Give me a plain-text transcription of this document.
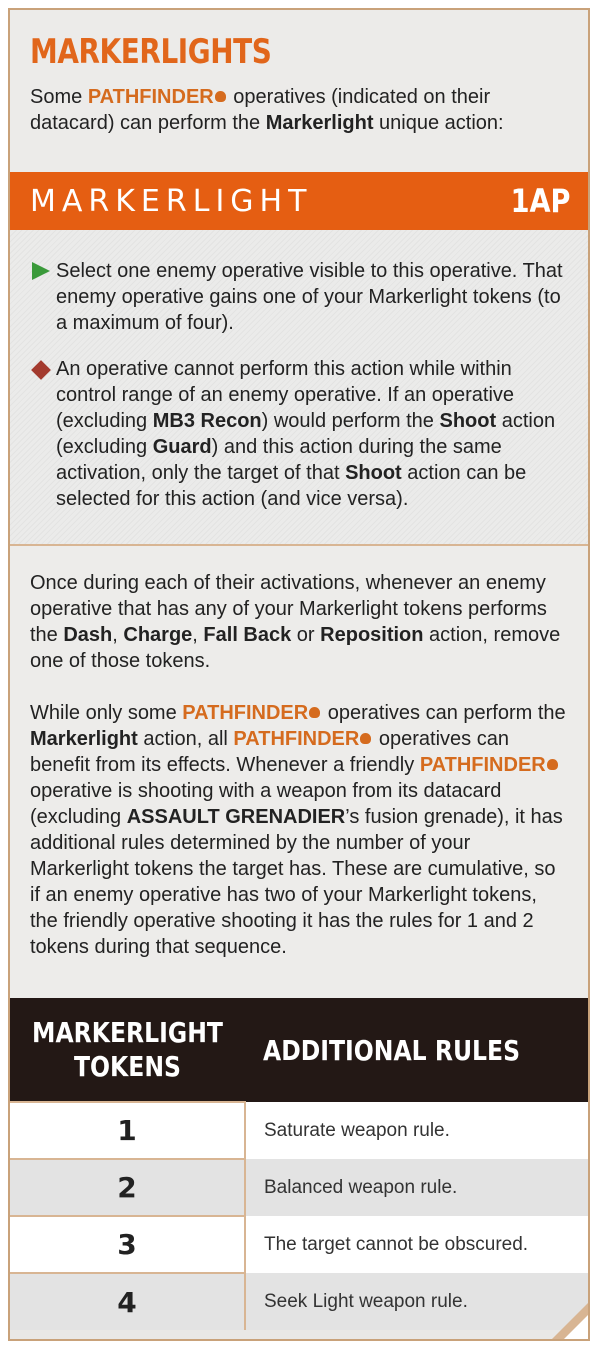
MARKERLIGHTS
Some PATHFINDER operatives (indicated on their datacard) can perform the Markerlight unique action:
MARKERLIGHT	1AP
Select one enemy operative visible to this operative. That enemy operative gains one of your Markerlight tokens (to a maximum of four).
An operative cannot perform this action while within control range of an enemy operative. If an operative (excluding MB3 Recon) would perform the Shoot action (excluding Guard) and this action during the same activation, only the target of that Shoot action can be selected for this action (and vice versa).
Once during each of their activations, whenever an enemy operative that has any of your Markerlight tokens performs the Dash, Charge, Fall Back or Reposition action, remove one of those tokens.
While only some PATHFINDER operatives can perform the Markerlight action, all PATHFINDER operatives can benefit from its effects. Whenever a friendly PATHFINDER operative is shooting with a weapon from its datacard (excluding ASSAULT GRENADIER’s fusion grenade), it has additional rules determined by the number of your Markerlight tokens the target has. These are cumulative, so if an enemy operative has two of your Markerlight tokens, the friendly operative shooting it has the rules for 1 and 2 tokens during that sequence.
MARKERLIGHT
TOKENS	ADDITIONAL RULES
1	Saturate weapon rule.
2	Balanced weapon rule.
3	The target cannot be obscured.
4	Seek Light weapon rule.
